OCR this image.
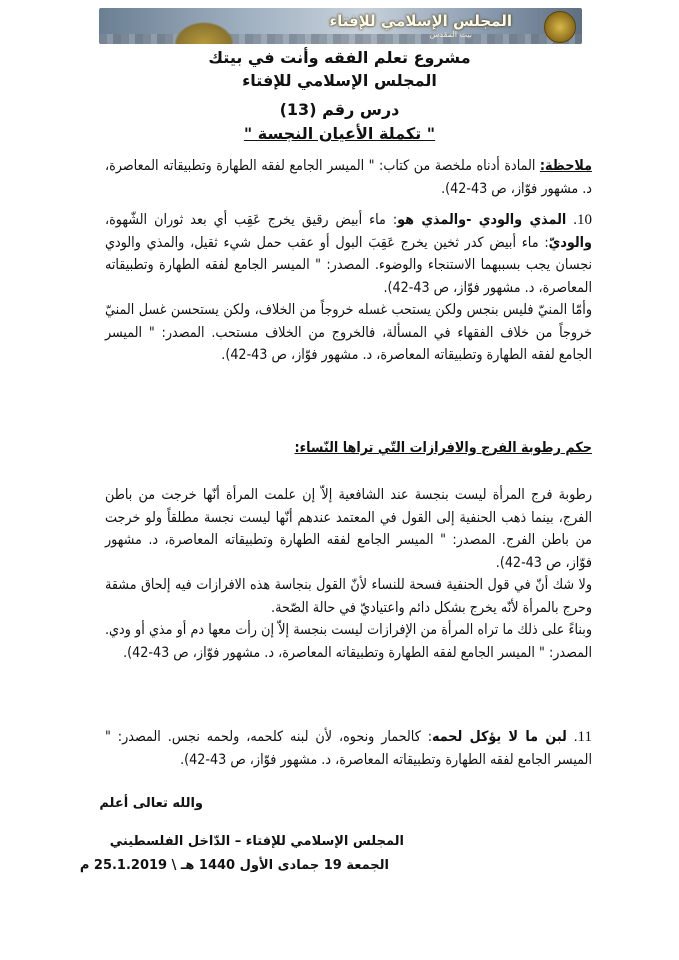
المجلس الإسلامي للإفتاء
بيت المقدس
مشروع تعلم الفقه وأنت في بيتك
المجلس الإسلامي للإفتاء
درس رقم (13)
" تكملة الأعيان النجسة "

ملاحظة: المادة أدناه ملخصة من كتاب: " الميسر الجامع لفقه الطهارة وتطبيقاته المعاصرة، د. مشهور فوّاز، ص 43-42).

10. المذي والودي -والمذي هو: ماء أبيض رقيق يخرج عَقِب أي بعد ثوران الشّهوة، والوديّ: ماء أبيض كدر ثخين يخرج عَقِبَ البول أو عقب حمل شيء ثقيل، والمذي والودي نجسان يجب بسببهما الاستنجاء والوضوء. المصدر: " الميسر الجامع لفقه الطهارة وتطبيقاته المعاصرة، د. مشهور فوّاز، ص 43-42).

وأمّا المنيّ فليس بنجس ولكن يستحب غسله خروجاً من الخلاف، ولكن يستحسن غسل المنيّ خروجاً من خلاف الفقهاء في المسألة، فالخروج من الخلاف مستحب. المصدر: " الميسر الجامع لفقه الطهارة وتطبيقاته المعاصرة، د. مشهور فوّاز، ص 43-42).

حكم رطوبة الفرج والافرازات التّي تراها النّساء:

رطوبة فرج المرأة ليست بنجسة عند الشافعية إلاّ إن علمت المرأة أنّها خرجت من باطن الفرج، بينما ذهب الحنفية إلى القول في المعتمد عندهم أنّها ليست نجسة مطلقاً ولو خرجت من باطن الفرج. المصدر: " الميسر الجامع لفقه الطهارة وتطبيقاته المعاصرة، د. مشهور فوّاز، ص 43-42).

ولا شك أنّ في قول الحنفية فسحة للنساء لأنّ القول بنجاسة هذه الافرازات فيه إلحاق مشقة وحرج بالمرأة لأنّه يخرج بشكل دائم واعتياديّ في حالة الصّحة.

وبناءً على ذلك ما تراه المرأة من الإفرازات ليست بنجسة إلاّ إن رأت معها دم أو مذي أو ودي. المصدر: " الميسر الجامع لفقه الطهارة وتطبيقاته المعاصرة، د. مشهور فوّاز، ص 43-42).

11. لبن ما لا يؤكل لحمه: كالحمار ونحوه، لأن لبنه كلحمه، ولحمه نجس. المصدر: " الميسر الجامع لفقه الطهارة وتطبيقاته المعاصرة، د. مشهور فوّاز، ص 43-42).

والله تعالى أعلم
المجلس الإسلامي للإفتاء – الدّاخل الفلسطيني
الجمعة 19 جمادى الأول 1440 هـ \ 25.1.2019 م
